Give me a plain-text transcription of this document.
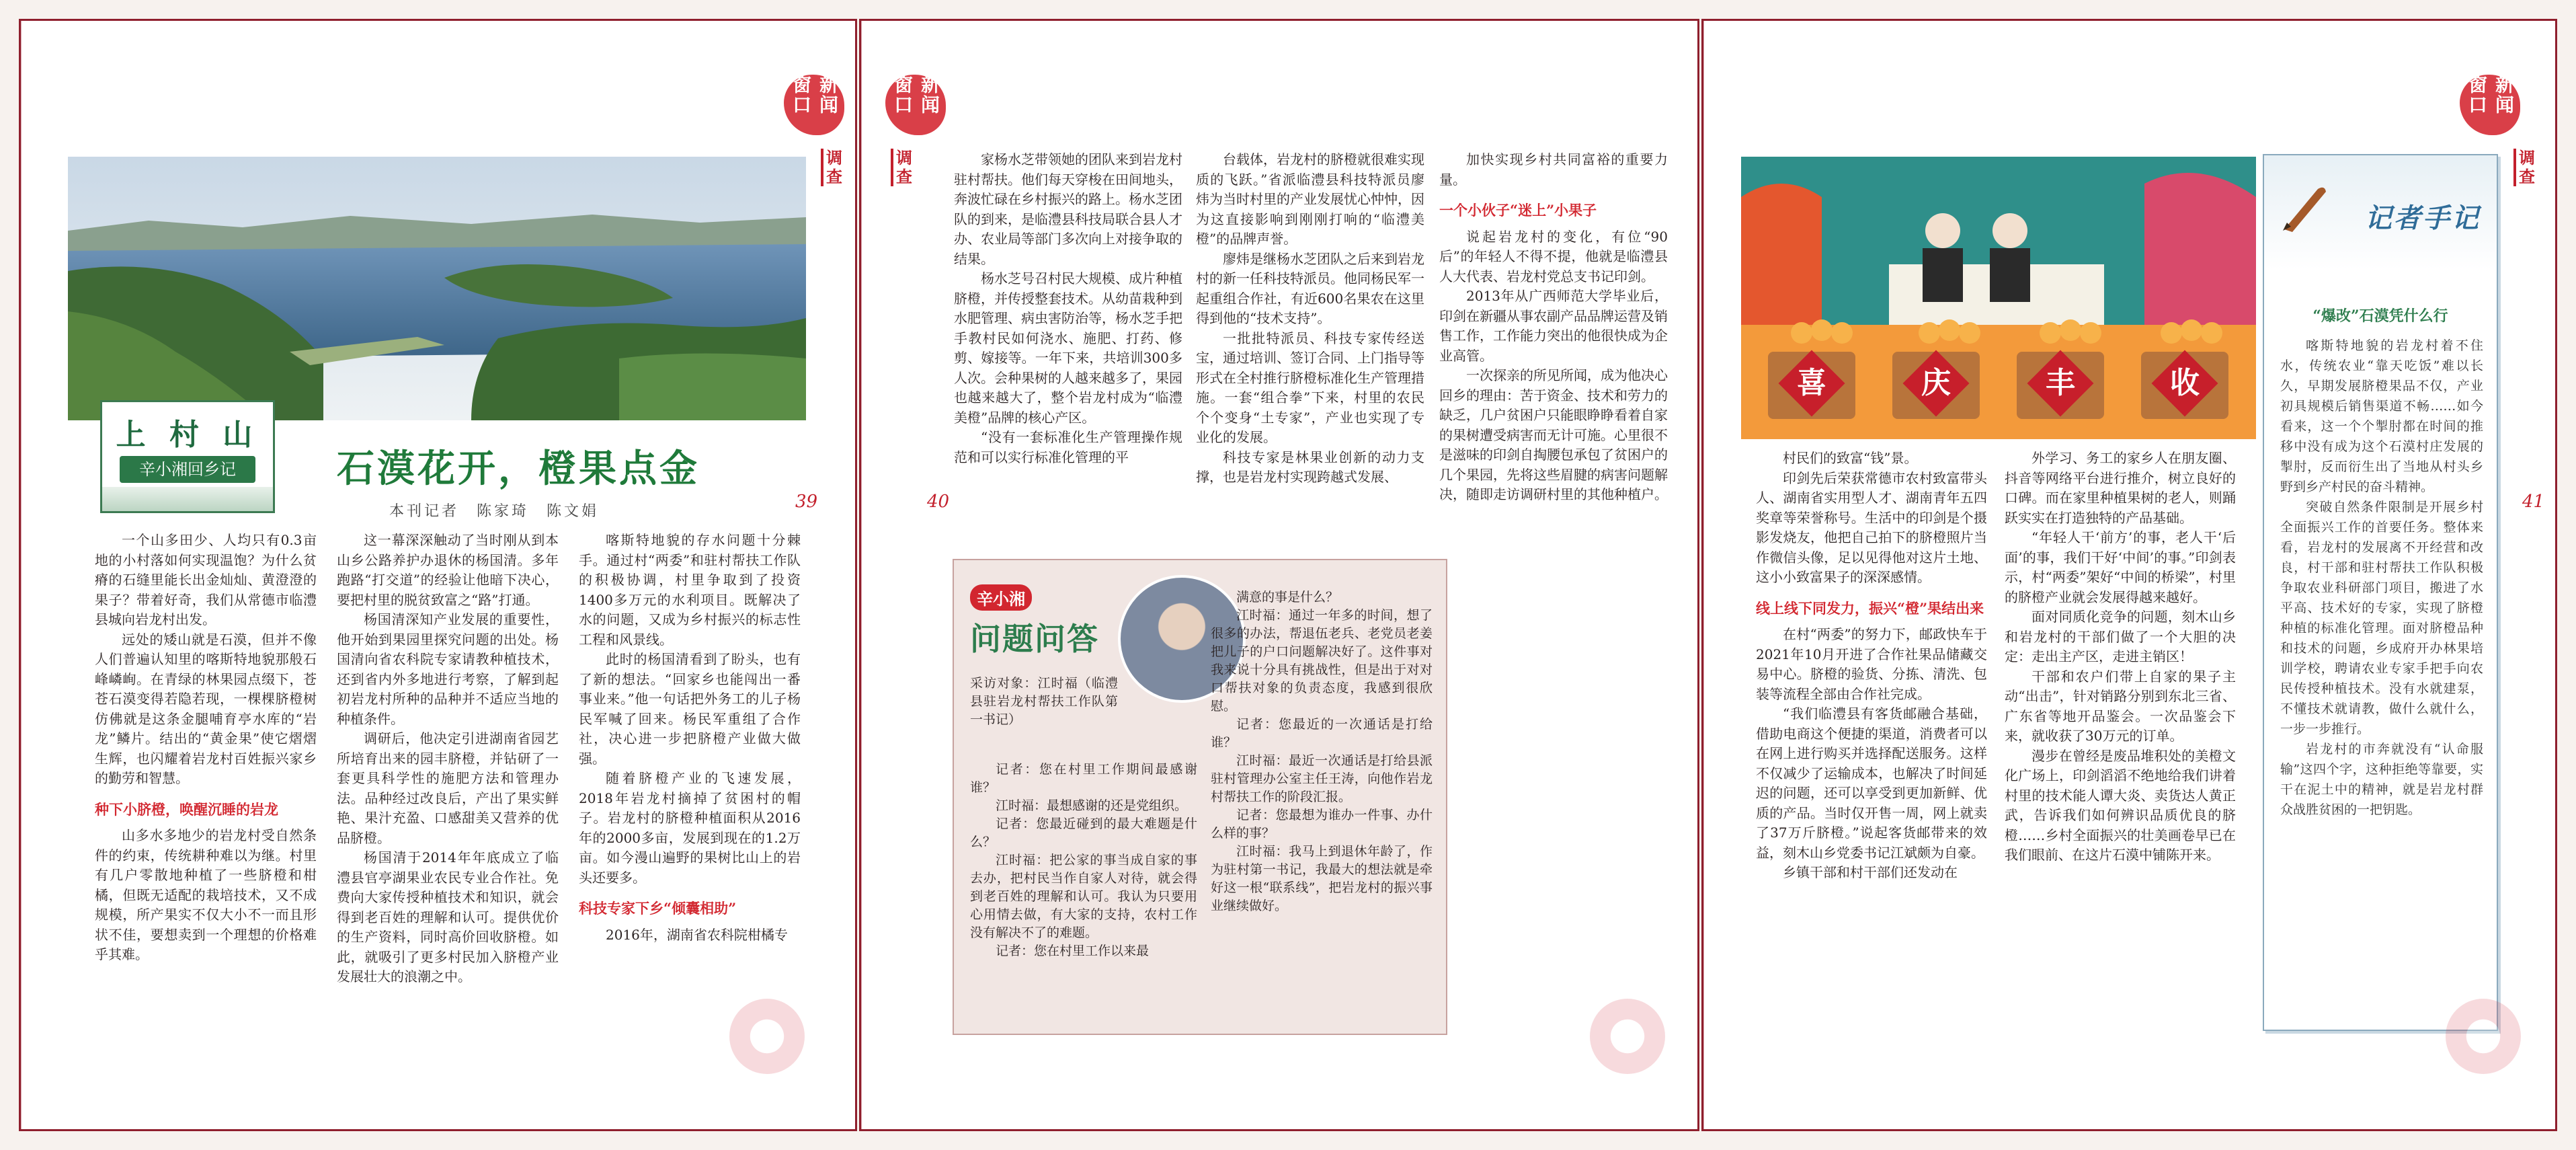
新闻 窗口
调查
上 村 山
辛小湘回乡记	石漠花开，橙果点金
本刊记者　陈家琦　陈文娟	39

一个山多田少、人均只有0.3亩地的小村落如何实现温饱？为什么贫瘠的石缝里能长出金灿灿、黄澄澄的果子？带着好奇，我们从常德市临澧县城向岩龙村出发。

远处的矮山就是石漠，但并不像人们普遍认知里的喀斯特地貌那般石峰嶙峋。在青绿的林果园点缀下，苍苍石漠变得若隐若现，一棵棵脐橙树仿佛就是这条金腿哺育亭水库的“岩龙”鳞片。结出的“黄金果”使它熠熠生辉，也闪耀着岩龙村百姓振兴家乡的勤劳和智慧。

种下小脐橙，唤醒沉睡的岩龙

山多水多地少的岩龙村受自然条件的约束，传统耕种难以为继。村里有几户零散地种植了一些脐橙和柑橘，但既无适配的栽培技术，又不成规模，所产果实不仅大小不一而且形状不佳，要想卖到一个理想的价格难乎其难。

这一幕深深触动了当时刚从到本山乡公路养护办退休的杨国清。多年跑路“打交道”的经验让他暗下决心，要把村里的脱贫致富之“路”打通。

杨国清深知产业发展的重要性，他开始到果园里探究问题的出处。杨国清向省农科院专家请教种植技术，还到省内外多地进行考察，了解到起初岩龙村所种的品种并不适应当地的种植条件。

调研后，他决定引进湖南省园艺所培育出来的园丰脐橙，并钻研了一套更具科学性的施肥方法和管理办法。品种经过改良后，产出了果实鲜艳、果汁充盈、口感甜美又营养的优品脐橙。

杨国清于2014年年底成立了临澧县官亭湖果业农民专业合作社。免费向大家传授种植技术和知识，就会得到老百姓的理解和认可。提供优价的生产资料，同时高价回收脐橙。如此，就吸引了更多村民加入脐橙产业发展壮大的浪潮之中。

喀斯特地貌的存水问题十分棘手。通过村“两委”和驻村帮扶工作队的积极协调，村里争取到了投资1400多万元的水利项目。既解决了水的问题，又成为乡村振兴的标志性工程和风景线。

此时的杨国清看到了盼头，也有了新的想法。“回家乡也能闯出一番事业来。”他一句话把外务工的儿子杨民军喊了回来。杨民军重组了合作社，决心进一步把脐橙产业做大做强。

随着脐橙产业的飞速发展，2018年岩龙村摘掉了贫困村的帽子。岩龙村的脐橙种植面积从2016年的2000多亩，发展到现在的1.2万亩。如今漫山遍野的果树比山上的岩头还要多。

科技专家下乡“倾囊相助”

2016年，湖南省农科院柑橘专

新闻 窗口
调查
40

家杨水芝带领她的团队来到岩龙村驻村帮扶。他们每天穿梭在田间地头，奔波忙碌在乡村振兴的路上。杨水芝团队的到来，是临澧县科技局联合县人才办、农业局等部门多次向上对接争取的结果。

杨水芝号召村民大规模、成片种植脐橙，并传授整套技术。从幼苗栽种到水肥管理、病虫害防治等，杨水芝手把手教村民如何浇水、施肥、打药、修剪、嫁接等。一年下来，共培训300多人次。会种果树的人越来越多了，果园也越来越大了，整个岩龙村成为“临澧美橙”品牌的核心产区。

“没有一套标准化生产管理操作规范和可以实行标准化管理的平

台载体，岩龙村的脐橙就很难实现质的飞跃。”省派临澧县科技特派员廖炜为当时村里的产业发展忧心忡忡，因为这直接影响到刚刚打响的“临澧美橙”的品牌声誉。

廖炜是继杨水芝团队之后来到岩龙村的新一任科技特派员。他同杨民军一起重组合作社，有近600名果农在这里得到他的“技术支持”。

一批批特派员、科技专家传经送宝，通过培训、签订合同、上门指导等形式在全村推行脐橙标准化生产管理措施。一套“组合拳”下来，村里的农民个个变身“土专家”，产业也实现了专业化的发展。

科技专家是林果业创新的动力支撑，也是岩龙村实现跨越式发展、

加快实现乡村共同富裕的重要力量。

一个小伙子“迷上”小果子

说起岩龙村的变化，有位“90后”的年轻人不得不提，他就是临澧县人大代表、岩龙村党总支书记印剑。

2013年从广西师范大学毕业后，印剑在新疆从事农副产品品牌运营及销售工作，工作能力突出的他很快成为企业高管。

一次探亲的所见所闻，成为他决心回乡的理由：苦于资金、技术和劳力的缺乏，几户贫困户只能眼睁睁看着自家的果树遭受病害而无计可施。心里很不是滋味的印剑自掏腰包承包了贫困户的几个果园，先将这些眉腱的病害问题解决，随即走访调研村里的其他种植户。

辛小湘
问题问答
采访对象：江时福（临澧县驻岩龙村帮扶工作队第一书记）

记者：您在村里工作期间最感谢谁？

江时福：最想感谢的还是党组织。

记者：您最近碰到的最大难题是什么？

江时福：把公家的事当成自家的事去办，把村民当作自家人对待，就会得到老百姓的理解和认可。我认为只要用心用情去做，有大家的支持，农村工作没有解决不了的难题。

记者：您在村里工作以来最

满意的事是什么？

江时福：通过一年多的时间，想了很多的办法，帮退伍老兵、老党员老姜把儿子的户口问题解决好了。这件事对我来说十分具有挑战性，但是出于对对口帮扶对象的负责态度，我感到很欣慰。

记者：您最近的一次通话是打给谁？

江时福：最近一次通话是打给县派驻村管理办公室主任王涛，向他作岩龙村帮扶工作的阶段汇报。

记者：您最想为谁办一件事、办什么样的事？

江时福：我马上到退休年龄了，作为驻村第一书记，我最大的想法就是牵好这一根“联系线”，把岩龙村的振兴事业继续做好。

新闻 窗口
调查
41
喜	庆	丰	收

村民们的致富“钱”景。

印剑先后荣获常德市农村致富带头人、湖南省实用型人才、湖南青年五四奖章等荣誉称号。生活中的印剑是个摄影发烧友，他把自己拍下的脐橙照片当作微信头像，足以见得他对这片土地、这小小致富果子的深深感情。

线上线下同发力，振兴“橙”果结出来

在村“两委”的努力下，邮政快车于2021年10月开进了合作社果品储藏交易中心。脐橙的验货、分拣、清洗、包装等流程全部由合作社完成。

“我们临澧县有客货邮融合基础，借助电商这个便捷的渠道，消费者可以在网上进行购买并选择配送服务。这样不仅减少了运输成本，也解决了时间延迟的问题，还可以享受到更加新鲜、优质的产品。当时仅开售一周，网上就卖了37万斤脐橙。”说起客货邮带来的效益，刻木山乡党委书记江斌颇为自豪。

乡镇干部和村干部们还发动在

外学习、务工的家乡人在朋友圈、抖音等网络平台进行推介，树立良好的口碑。而在家里种植果树的老人，则踊跃实实在打造独特的产品基础。

“年轻人干‘前方’的事，老人干‘后面’的事，我们干好‘中间’的事。”印剑表示，村“两委”架好“中间的桥梁”，村里的脐橙产业就会发展得越来越好。

面对同质化竞争的问题，刻木山乡和岩龙村的干部们做了一个大胆的决定：走出主产区，走进主销区！

干部和农户们带上自家的果子主动“出击”，针对销路分别到东北三省、广东省等地开品鉴会。一次品鉴会下来，就收获了30万元的订单。

漫步在曾经是废品堆积处的美橙文化广场上，印剑滔滔不绝地给我们讲着村里的技术能人谭大炎、卖货达人黄正武，告诉我们如何辨识品质优良的脐橙……乡村全面振兴的壮美画卷早已在我们眼前、在这片石漠中铺陈开来。

记者手记
“爆改”石漠凭什么行

喀斯特地貌的岩龙村着不住水，传统农业“靠天吃饭”难以长久，早期发展脐橙果品不仅，产业初具规模后销售渠道不畅……如今看来，这一个个掣肘都在时间的推移中没有成为这个石漠村庄发展的掣肘，反而衍生出了当地从村头乡野到乡产村民的奋斗精神。

突破自然条件限制是开展乡村全面振兴工作的首要任务。整体来看，岩龙村的发展离不开经营和改良，村干部和驻村帮扶工作队积极争取农业科研部门项目，搬进了水平高、技术好的专家，实现了脐橙种植的标准化管理。面对脐橙品种和技术的问题，乡成府开办林果培训学校，聘请农业专家手把手向农民传授种植技术。没有水就建泵，不懂技术就请教，做什么就什么，一步一步推行。

岩龙村的市奔就没有“认命服输”这四个字，这种拒绝等靠要，实干在泥土中的精神，就是岩龙村群众战胜贫困的一把钥匙。
